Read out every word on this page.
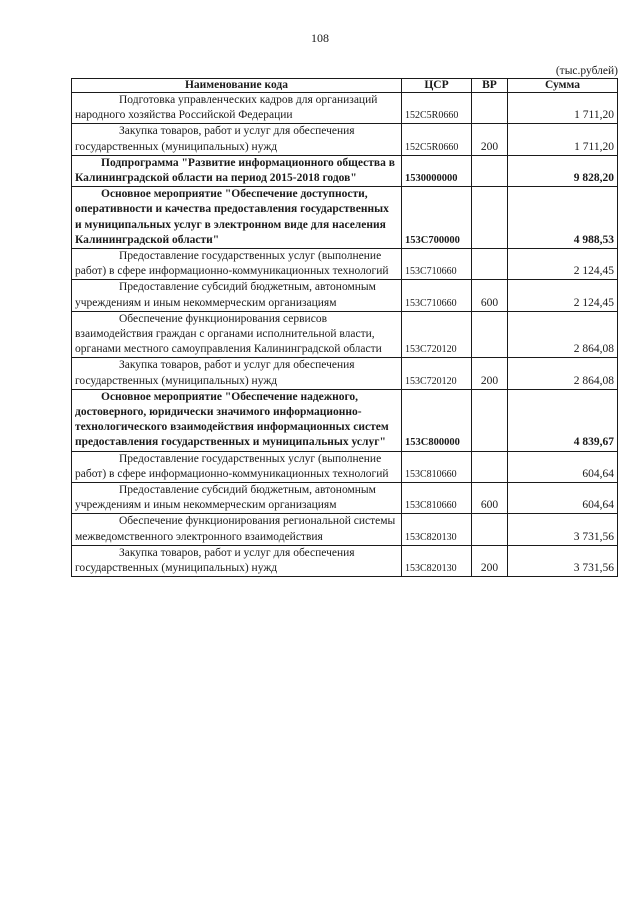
108
(тыс.рублей)
Наименование кода	ЦСР	ВР	Сумма

Подготовка управленческих кадров для организаций народного хозяйства Российской Федерации	152C5R0660		1 711,20

Закупка товаров, работ и услуг для обеспечения государственных (муниципальных) нужд	152C5R0660	200	1 711,20

Подпрограмма "Развитие информационного общества в Калининградской области на период 2015-2018 годов"	1530000000		9 828,20

Основное мероприятие "Обеспечение доступности, оперативности и качества предоставления государственных и муниципальных услуг в электронном виде для населения Калининградской области"	153C700000		4 988,53

Предоставление государственных услуг (выполнение работ) в сфере информационно-коммуникационных технологий	153C710660		2 124,45

Предоставление субсидий бюджетным, автономным учреждениям и иным некоммерческим организациям	153C710660	600	2 124,45

Обеспечение функционирования сервисов взаимодействия граждан с органами исполнительной власти, органами местного самоуправления Калининградской области	153C720120		2 864,08

Закупка товаров, работ и услуг для обеспечения государственных (муниципальных) нужд	153C720120	200	2 864,08

Основное мероприятие "Обеспечение надежного, достоверного, юридически значимого информационно-технологического взаимодействия информационных систем предоставления государственных и муниципальных услуг"	153C800000		4 839,67

Предоставление государственных услуг (выполнение работ) в сфере информационно-коммуникационных технологий	153C810660		604,64

Предоставление субсидий бюджетным, автономным учреждениям и иным некоммерческим организациям	153C810660	600	604,64

Обеспечение функционирования региональной системы межведомственного электронного взаимодействия	153C820130		3 731,56

Закупка товаров, работ и услуг для обеспечения государственных (муниципальных) нужд	153C820130	200	3 731,56
